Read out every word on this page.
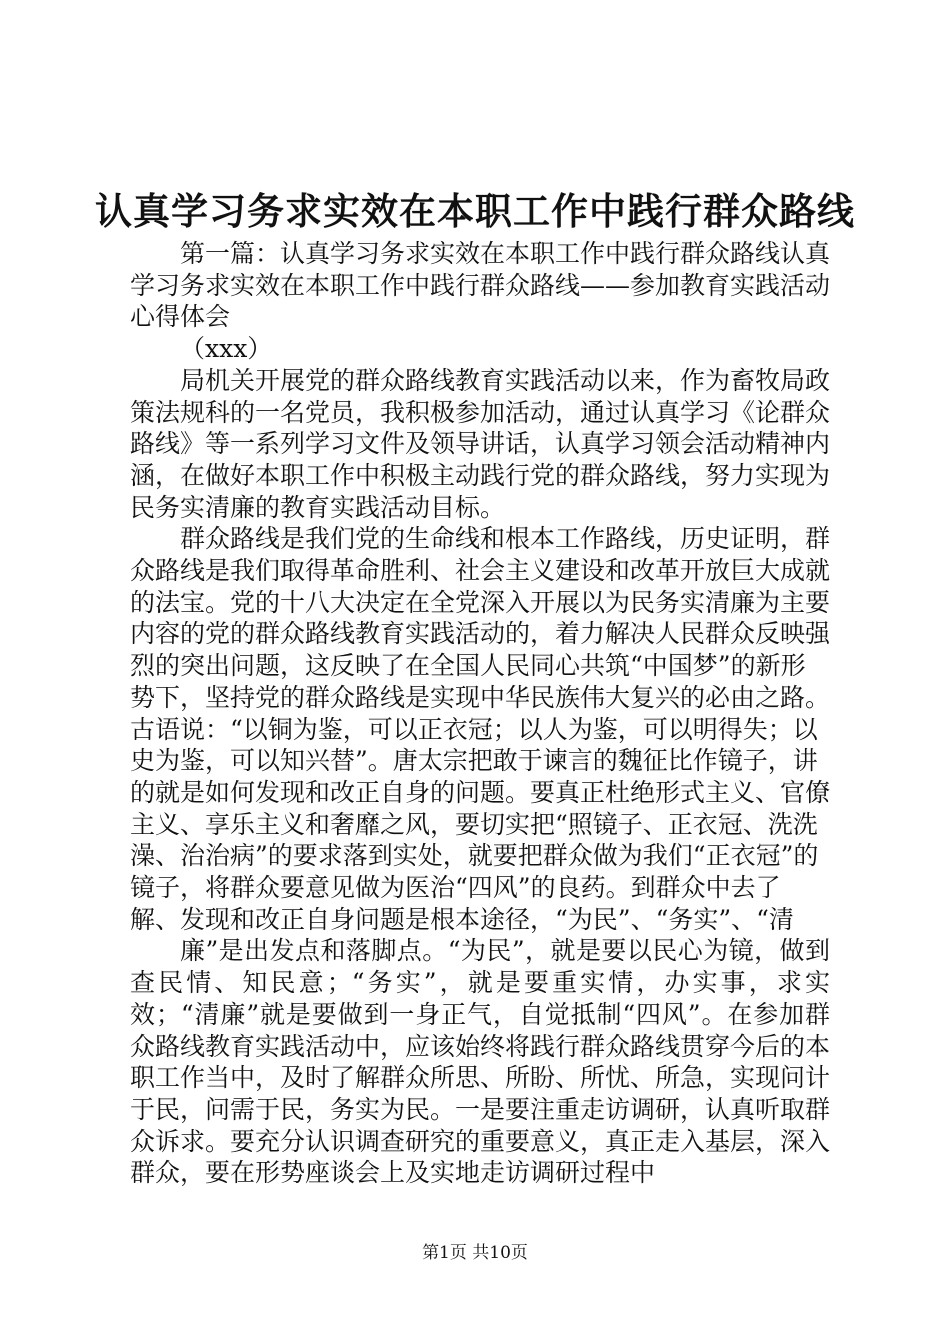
认真学习务求实效在本职工作中践行群众路线

第一篇：认真学习务求实效在本职工作中践行群众路线认真学习务求实效在本职工作中践行群众路线——参加教育实践活动心得体会

（xxx）

局机关开展党的群众路线教育实践活动以来，作为畜牧局政策法规科的一名党员，我积极参加活动，通过认真学习《论群众路线》等一系列学习文件及领导讲话，认真学习领会活动精神内涵，在做好本职工作中积极主动践行党的群众路线，努力实现为民务实清廉的教育实践活动目标。

群众路线是我们党的生命线和根本工作路线，历史证明，群众路线是我们取得革命胜利、社会主义建设和改革开放巨大成就的法宝。党的十八大决定在全党深入开展以为民务实清廉为主要内容的党的群众路线教育实践活动的，着力解决人民群众反映强烈的突出问题，这反映了在全国人民同心共筑“中国梦”的新形势下，坚持党的群众路线是实现中华民族伟大复兴的必由之路。古语说：“以铜为鉴，可以正衣冠；以人为鉴，可以明得失；以史为鉴，可以知兴替”。唐太宗把敢于谏言的魏征比作镜子，讲的就是如何发现和改正自身的问题。要真正杜绝形式主义、官僚主义、享乐主义和奢靡之风，要切实把“照镜子、正衣冠、洗洗澡、治治病”的要求落到实处，就要把群众做为我们“正衣冠”的镜子，将群众要意见做为医治“四风”的良药。到群众中去了解、发现和改正自身问题是根本途径，“为民”、“务实”、“清

廉”是出发点和落脚点。“为民”，就是要以民心为镜，做到查民情、知民意；“务实”，就是要重实情，办实事，求实效；“清廉”就是要做到一身正气，自觉抵制“四风”。在参加群众路线教育实践活动中，应该始终将践行群众路线贯穿今后的本职工作当中，及时了解群众所思、所盼、所忧、所急，实现问计于民，问需于民，务实为民。一是要注重走访调研，认真听取群众诉求。要充分认识调查研究的重要意义，真正走入基层，深入群众，要在形势座谈会上及实地走访调研过程中

第1页 共10页
